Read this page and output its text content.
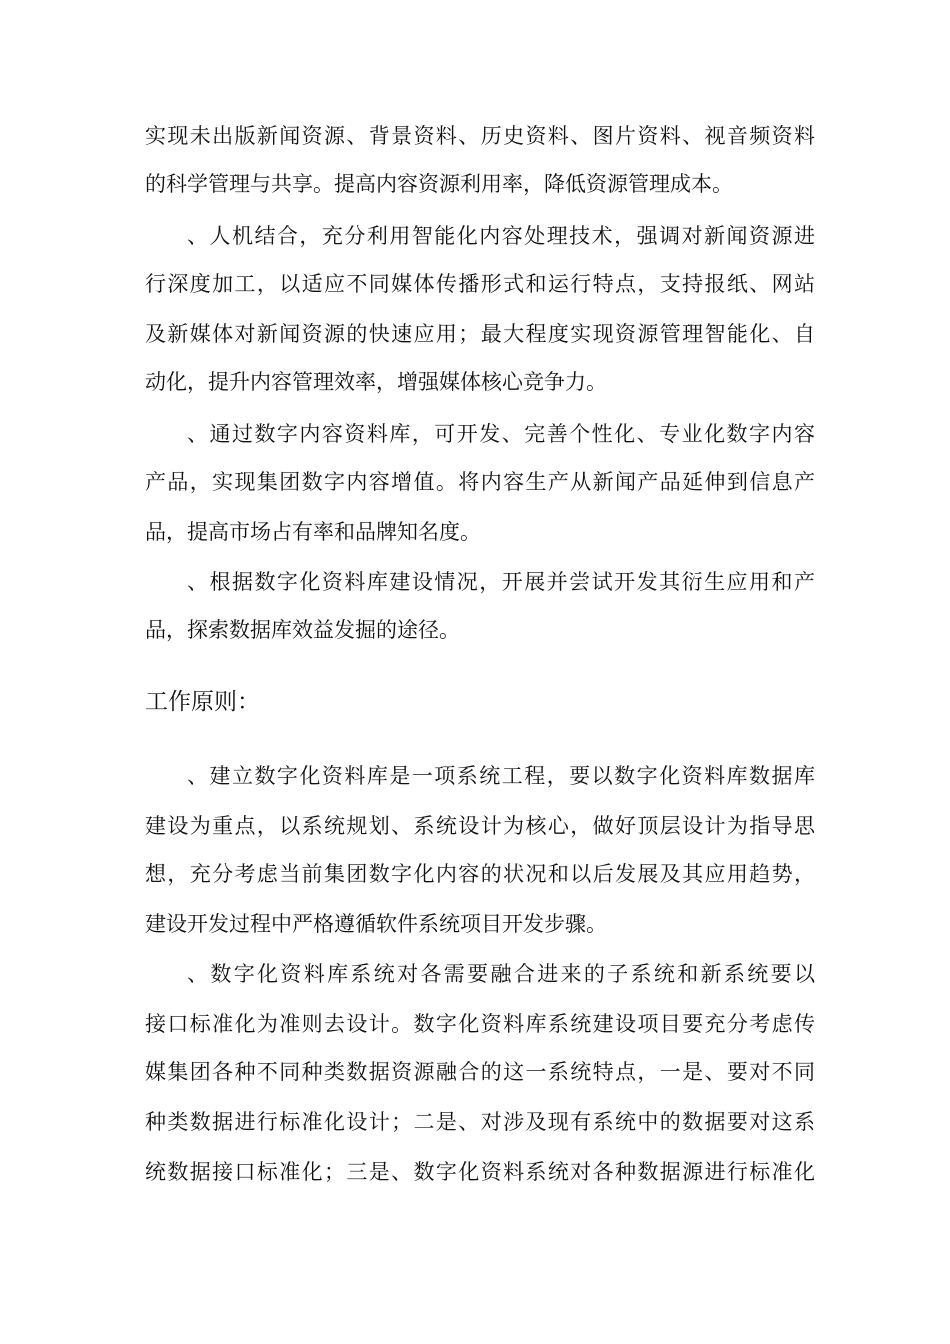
实现未出版新闻资源、背景资料、历史资料、图片资料、视音频资料
的科学管理与共享。提高内容资源利用率，降低资源管理成本。
、人机结合，充分利用智能化内容处理技术，强调对新闻资源进
行深度加工，以适应不同媒体传播形式和运行特点，支持报纸、网站
及新媒体对新闻资源的快速应用；最大程度实现资源管理智能化、自
动化，提升内容管理效率，增强媒体核心竞争力。
、通过数字内容资料库，可开发、完善个性化、专业化数字内容
产品，实现集团数字内容增值。将内容生产从新闻产品延伸到信息产
品，提高市场占有率和品牌知名度。
、根据数字化资料库建设情况，开展并尝试开发其衍生应用和产
品，探索数据库效益发掘的途径。
工作原则：
、建立数字化资料库是一项系统工程，要以数字化资料库数据库
建设为重点，以系统规划、系统设计为核心，做好顶层设计为指导思
想，充分考虑当前集团数字化内容的状况和以后发展及其应用趋势，
建设开发过程中严格遵循软件系统项目开发步骤。
、数字化资料库系统对各需要融合进来的子系统和新系统要以
接口标准化为准则去设计。数字化资料库系统建设项目要充分考虑传
媒集团各种不同种类数据资源融合的这一系统特点，一是、要对不同
种类数据进行标准化设计；二是、对涉及现有系统中的数据要对这系
统数据接口标准化；三是、数字化资料系统对各种数据源进行标准化
